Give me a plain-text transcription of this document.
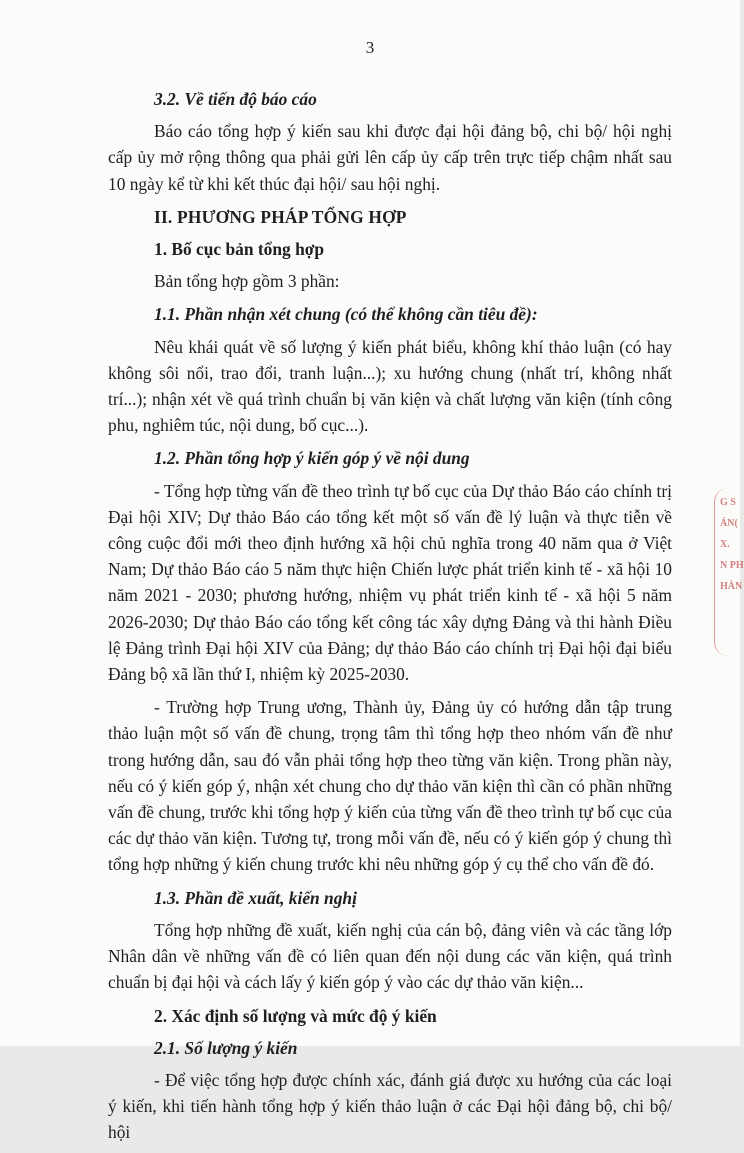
3

3.2. Về tiến độ báo cáo

Báo cáo tổng hợp ý kiến sau khi được đại hội đảng bộ, chi bộ/ hội nghị cấp ủy mở rộng thông qua phải gửi lên cấp ủy cấp trên trực tiếp chậm nhất sau 10 ngày kể từ khi kết thúc đại hội/ sau hội nghị.

II. PHƯƠNG PHÁP TỔNG HỢP

1. Bố cục bản tổng hợp

Bản tổng hợp gồm 3 phần:

1.1. Phần nhận xét chung (có thể không cần tiêu đề):

Nêu khái quát về số lượng ý kiến phát biểu, không khí thảo luận (có hay không sôi nổi, trao đổi, tranh luận...); xu hướng chung (nhất trí, không nhất trí...); nhận xét về quá trình chuẩn bị văn kiện và chất lượng văn kiện (tính công phu, nghiêm túc, nội dung, bố cục...).

1.2. Phần tổng hợp ý kiến góp ý về nội dung

- Tổng hợp từng vấn đề theo trình tự bố cục của Dự thảo Báo cáo chính trị Đại hội XIV; Dự thảo Báo cáo tổng kết một số vấn đề lý luận và thực tiễn về công cuộc đổi mới theo định hướng xã hội chủ nghĩa trong 40 năm qua ở Việt Nam; Dự thảo Báo cáo 5 năm thực hiện Chiến lược phát triển kinh tế - xã hội 10 năm 2021 - 2030; phương hướng, nhiệm vụ phát triển kinh tế - xã hội 5 năm 2026-2030; Dự thảo Báo cáo tổng kết công tác xây dựng Đảng và thi hành Điều lệ Đảng trình Đại hội XIV của Đảng; dự thảo Báo cáo chính trị Đại hội đại biểu Đảng bộ xã lần thứ I, nhiệm kỳ 2025-2030.

- Trường hợp Trung ương, Thành ủy, Đảng ủy có hướng dẫn tập trung thảo luận một số vấn đề chung, trọng tâm thì tổng hợp theo nhóm vấn đề như trong hướng dẫn, sau đó vẫn phải tổng hợp theo từng văn kiện. Trong phần này, nếu có ý kiến góp ý, nhận xét chung cho dự thảo văn kiện thì cần có phần những vấn đề chung, trước khi tổng hợp ý kiến của từng vấn đề theo trình tự bố cục của các dự thảo văn kiện. Tương tự, trong mỗi vấn đề, nếu có ý kiến góp ý chung thì tổng hợp những ý kiến chung trước khi nêu những góp ý cụ thể cho vấn đề đó.

1.3. Phần đề xuất, kiến nghị

Tổng hợp những đề xuất, kiến nghị của cán bộ, đảng viên và các tầng lớp Nhân dân về những vấn đề có liên quan đến nội dung các văn kiện, quá trình chuẩn bị đại hội và cách lấy ý kiến góp ý vào các dự thảo văn kiện...

2. Xác định số lượng và mức độ ý kiến

2.1. Số lượng ý kiến

- Để việc tổng hợp được chính xác, đánh giá được xu hướng của các loại ý kiến, khi tiến hành tổng hợp ý kiến thảo luận ở các Đại hội đảng bộ, chi bộ/ hội

G S
ÁN(
X.
N PH
HÀN
